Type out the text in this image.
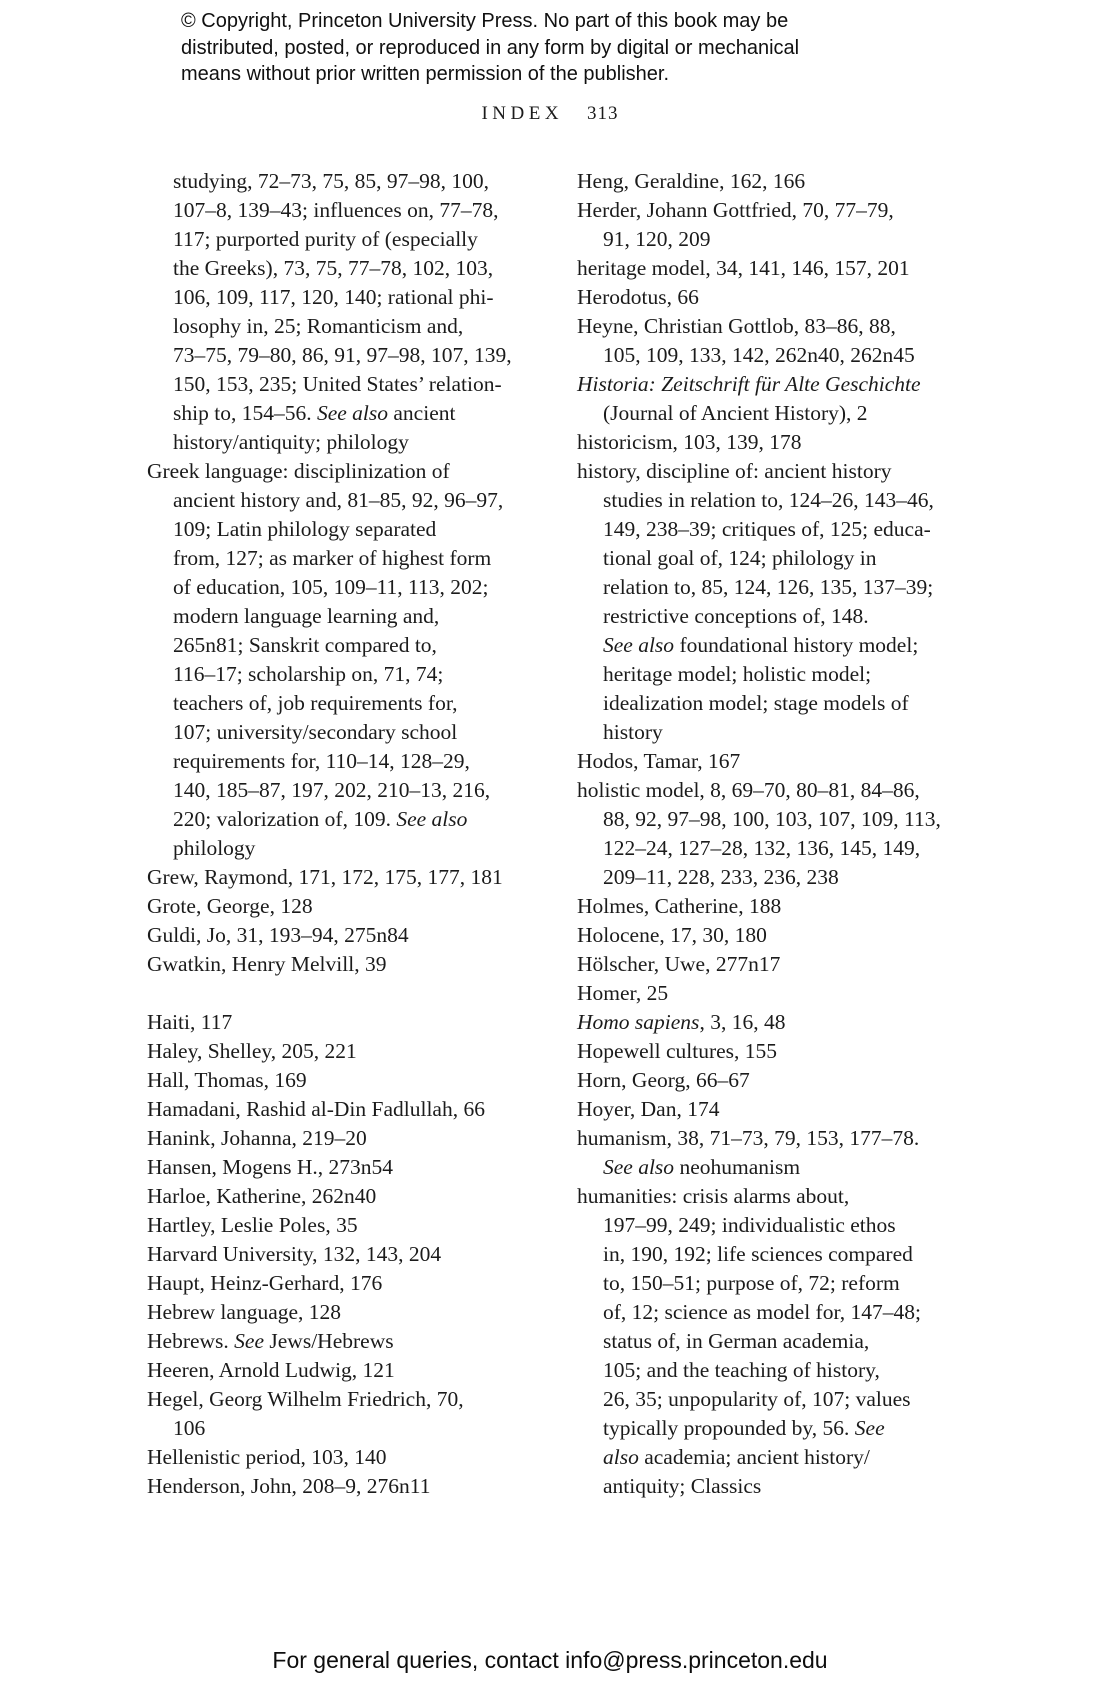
© Copyright, Princeton University Press. No part of this book may be
distributed, posted, or reproduced in any form by digital or mechanical
means without prior written permission of the publisher.
INDEX 313
studying, 72–73, 75, 85, 97–98, 100,
107–8, 139–43; influences on, 77–78,
117; purported purity of (especially
the Greeks), 73, 75, 77–78, 102, 103,
106, 109, 117, 120, 140; rational phi-
losophy in, 25; Romanticism and,
73–75, 79–80, 86, 91, 97–98, 107, 139,
150, 153, 235; United States’ relation-
ship to, 154–56. See also ancient
history/antiquity; philology
Greek language: disciplinization of
ancient history and, 81–85, 92, 96–97,
109; Latin philology separated
from, 127; as marker of highest form
of education, 105, 109–11, 113, 202;
modern language learning and,
265n81; Sanskrit compared to,
116–17; scholarship on, 71, 74;
teachers of, job requirements for,
107; university/secondary school
requirements for, 110–14, 128–29,
140, 185–87, 197, 202, 210–13, 216,
220; valorization of, 109. See also
philology
Grew, Raymond, 171, 172, 175, 177, 181
Grote, George, 128
Guldi, Jo, 31, 193–94, 275n84
Gwatkin, Henry Melvill, 39
Haiti, 117
Haley, Shelley, 205, 221
Hall, Thomas, 169
Hamadani, Rashid al-Din Fadlullah, 66
Hanink, Johanna, 219–20
Hansen, Mogens H., 273n54
Harloe, Katherine, 262n40
Hartley, Leslie Poles, 35
Harvard University, 132, 143, 204
Haupt, Heinz-Gerhard, 176
Hebrew language, 128
Hebrews. See Jews/Hebrews
Heeren, Arnold Ludwig, 121
Hegel, Georg Wilhelm Friedrich, 70,
106
Hellenistic period, 103, 140
Henderson, John, 208–9, 276n11
Heng, Geraldine, 162, 166
Herder, Johann Gottfried, 70, 77–79,
91, 120, 209
heritage model, 34, 141, 146, 157, 201
Herodotus, 66
Heyne, Christian Gottlob, 83–86, 88,
105, 109, 133, 142, 262n40, 262n45
Historia: Zeitschrift für Alte Geschichte
(Journal of Ancient History), 2
historicism, 103, 139, 178
history, discipline of: ancient history
studies in relation to, 124–26, 143–46,
149, 238–39; critiques of, 125; educa-
tional goal of, 124; philology in
relation to, 85, 124, 126, 135, 137–39;
restrictive conceptions of, 148.
See also foundational history model;
heritage model; holistic model;
idealization model; stage models of
history
Hodos, Tamar, 167
holistic model, 8, 69–70, 80–81, 84–86,
88, 92, 97–98, 100, 103, 107, 109, 113,
122–24, 127–28, 132, 136, 145, 149,
209–11, 228, 233, 236, 238
Holmes, Catherine, 188
Holocene, 17, 30, 180
Hölscher, Uwe, 277n17
Homer, 25
Homo sapiens, 3, 16, 48
Hopewell cultures, 155
Horn, Georg, 66–67
Hoyer, Dan, 174
humanism, 38, 71–73, 79, 153, 177–78.
See also neohumanism
humanities: crisis alarms about,
197–99, 249; individualistic ethos
in, 190, 192; life sciences compared
to, 150–51; purpose of, 72; reform
of, 12; science as model for, 147–48;
status of, in German academia,
105; and the teaching of history,
26, 35; unpopularity of, 107; values
typically propounded by, 56. See
also academia; ancient history/
antiquity; Classics
For general queries, contact info@press.princeton.edu
